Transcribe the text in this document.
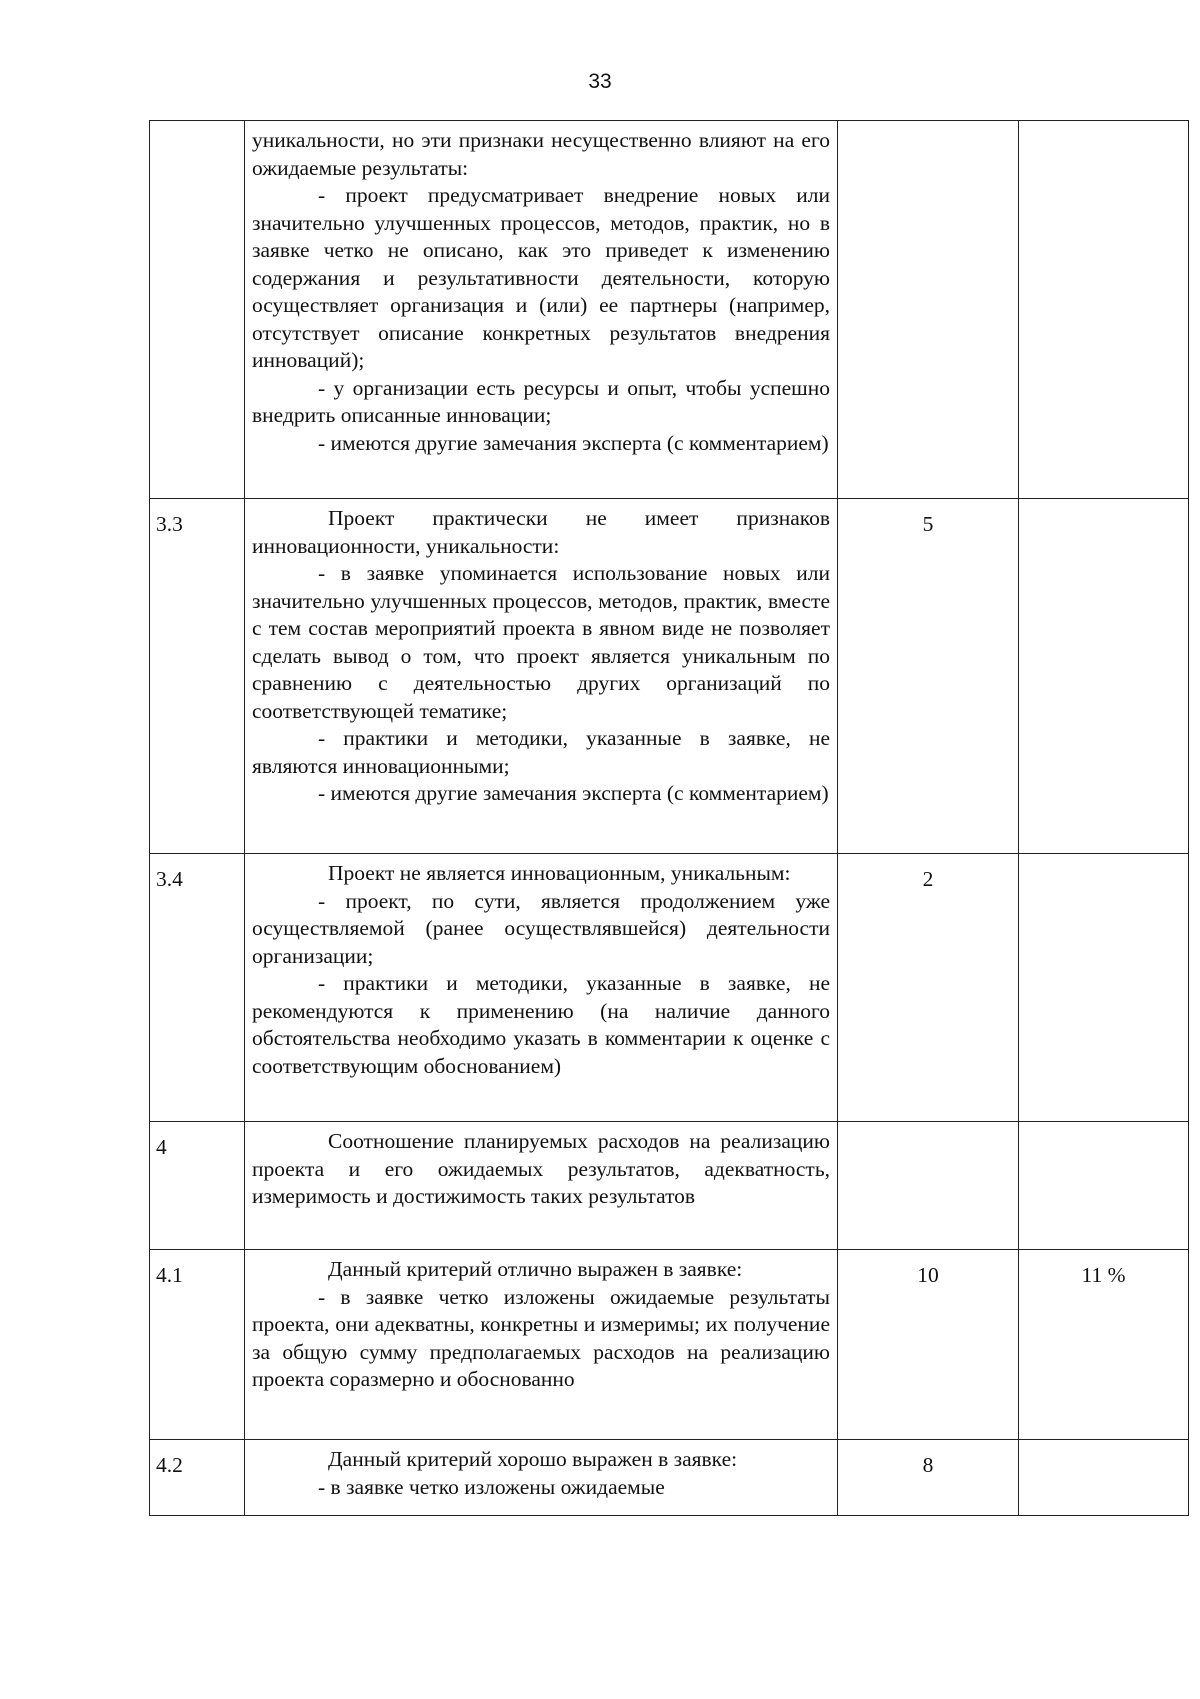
33

	уникальности, но эти признаки несущественно влияют на его ожидаемые результаты:

- проект предусматривает внедрение новых или значительно улучшенных процессов, методов, практик, но в заявке четко не описано, как это приведет к изменению содержания и результативности деятельности, которую осуществляет организация и (или) ее партнеры (например, отсутствует описание конкретных результатов внедрения инноваций);

- у организации есть ресурсы и опыт, чтобы успешно внедрить описанные инновации;

- имеются другие замечания эксперта (с комментарием)		

3.3	Проект практически не имеет признаков инновационности, уникальности:

- в заявке упоминается использование новых или значительно улучшенных процессов, методов, практик, вместе с тем состав мероприятий проекта в явном виде не позволяет сделать вывод о том, что проект является уникальным по сравнению с деятельностью других организаций по соответствующей тематике;

- практики и методики, указанные в заявке, не являются инновационными;

- имеются другие замечания эксперта (с комментарием)	5	
3.4	Проект не является инновационным, уникальным:

- проект, по сути, является продолжением уже осуществляемой (ранее осуществлявшейся) деятельности организации;

- практики и методики, указанные в заявке, не рекомендуются к применению (на наличие данного обстоятельства необходимо указать в комментарии к оценке с соответствующим обоснованием)	2	
4	Соотношение планируемых расходов на реализацию проекта и его ожидаемых результатов, адекватность, измеримость и достижимость таких результатов		

4.1	Данный критерий отлично выражен в заявке:

- в заявке четко изложены ожидаемые результаты проекта, они адекватны, конкретны и измеримы; их получение за общую сумму предполагаемых расходов на реализацию проекта соразмерно и обоснованно	10	11 %
4.2	Данный критерий хорошо выражен в заявке:

- в заявке четко изложены ожидаемые	8	
